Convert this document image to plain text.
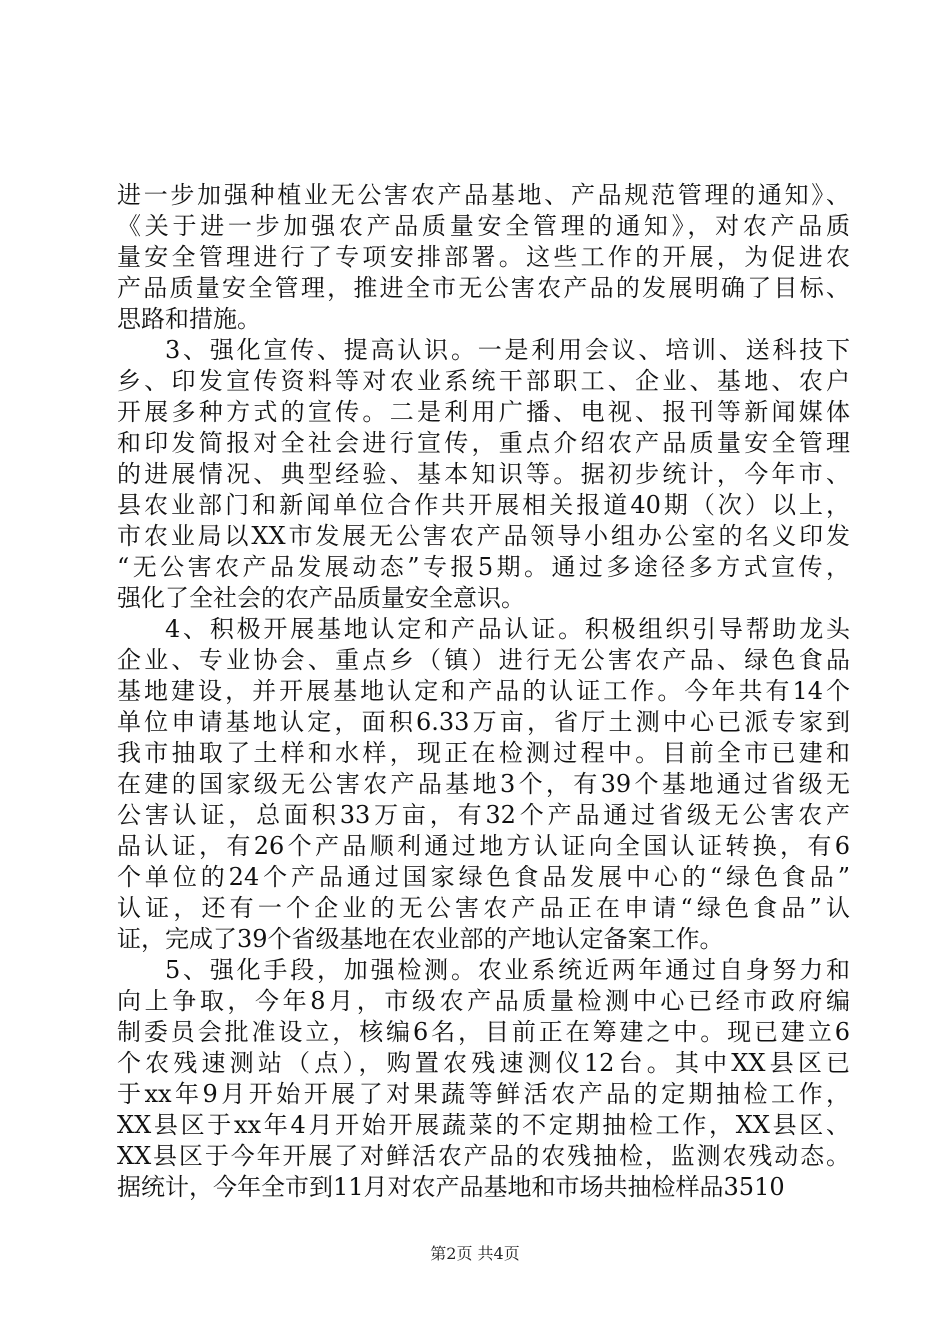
进一步加强种植业无公害农产品基地、产品规范管理的通知》、
《关于进一步加强农产品质量安全管理的通知》，对农产品质
量安全管理进行了专项安排部署。这些工作的开展，为促进农
产品质量安全管理，推进全市无公害农产品的发展明确了目标、
思路和措施。
3、强化宣传、提高认识。一是利用会议、培训、送科技下
乡、印发宣传资料等对农业系统干部职工、企业、基地、农户
开展多种方式的宣传。二是利用广播、电视、报刊等新闻媒体
和印发简报对全社会进行宣传，重点介绍农产品质量安全管理
的进展情况、典型经验、基本知识等。据初步统计，今年市、
县农业部门和新闻单位合作共开展相关报道40期（次）以上，
市农业局以XX市发展无公害农产品领导小组办公室的名义印发
“无公害农产品发展动态”专报5期。通过多途径多方式宣传，
强化了全社会的农产品质量安全意识。
4、积极开展基地认定和产品认证。积极组织引导帮助龙头
企业、专业协会、重点乡（镇）进行无公害农产品、绿色食品
基地建设，并开展基地认定和产品的认证工作。今年共有14个
单位申请基地认定，面积6.33万亩，省厅土测中心已派专家到
我市抽取了土样和水样，现正在检测过程中。目前全市已建和
在建的国家级无公害农产品基地3个，有39个基地通过省级无
公害认证，总面积33万亩，有32个产品通过省级无公害农产
品认证，有26个产品顺利通过地方认证向全国认证转换，有6
个单位的24个产品通过国家绿色食品发展中心的“绿色食品”
认证，还有一个企业的无公害农产品正在申请“绿色食品”认
证，完成了39个省级基地在农业部的产地认定备案工作。
5、强化手段，加强检测。农业系统近两年通过自身努力和
向上争取，今年8月，市级农产品质量检测中心已经市政府编
制委员会批准设立，核编6名，目前正在筹建之中。现已建立6
个农残速测站（点），购置农残速测仪12台。其中XX县区已
于xx年9月开始开展了对果蔬等鲜活农产品的定期抽检工作，
XX县区于xx年4月开始开展蔬菜的不定期抽检工作，XX县区、
XX县区于今年开展了对鲜活农产品的农残抽检，监测农残动态。
据统计，今年全市到11月对农产品基地和市场共抽检样品3510
第2页 共4页
